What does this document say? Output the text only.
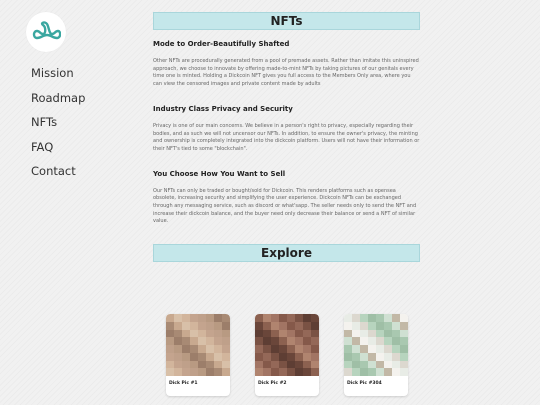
Mission
Roadmap
NFTs
FAQ
Contact
NFTs
Mode to Order-Beautifully Shafted

Other NFTs are procedurally generated from a pool of premade assets. Rather than imitate this uninspired approach, we choose to innovate by offering made-to-mint NFTs by taking pictures of our genitals every time one is minted. Holding a Dickcoin NFT gives you full access to the Members Only area, where you can view the censored images and private content made by adults

Industry Class Privacy and Security

Privacy is one of our main concerns. We believe in a person's right to privacy, especially regarding their bodies, and as such we will not uncensor our NFTs. In addition, to ensure the owner's privacy, the minting and ownership is completely integrated into the dickcoin platform. Users will not have their information or their NFT's tied to some "blockchain".

You Choose How You Want to Sell

Our NFTs can only be traded or bought/sold for Dickcoin. This renders platforms such as opensea obsolete, increasing security and simplifying the user experience. Dickcoin NFTs can be exchanged through any messaging service, such as discord or what'sapp. The seller needs only to send the NFT and increase their dickcoin balance, and the buyer need only decrease their balance or send a NFT of similar value.

Explore
Dick Pic #1	Dick Pic #2	Dick Pic #304
